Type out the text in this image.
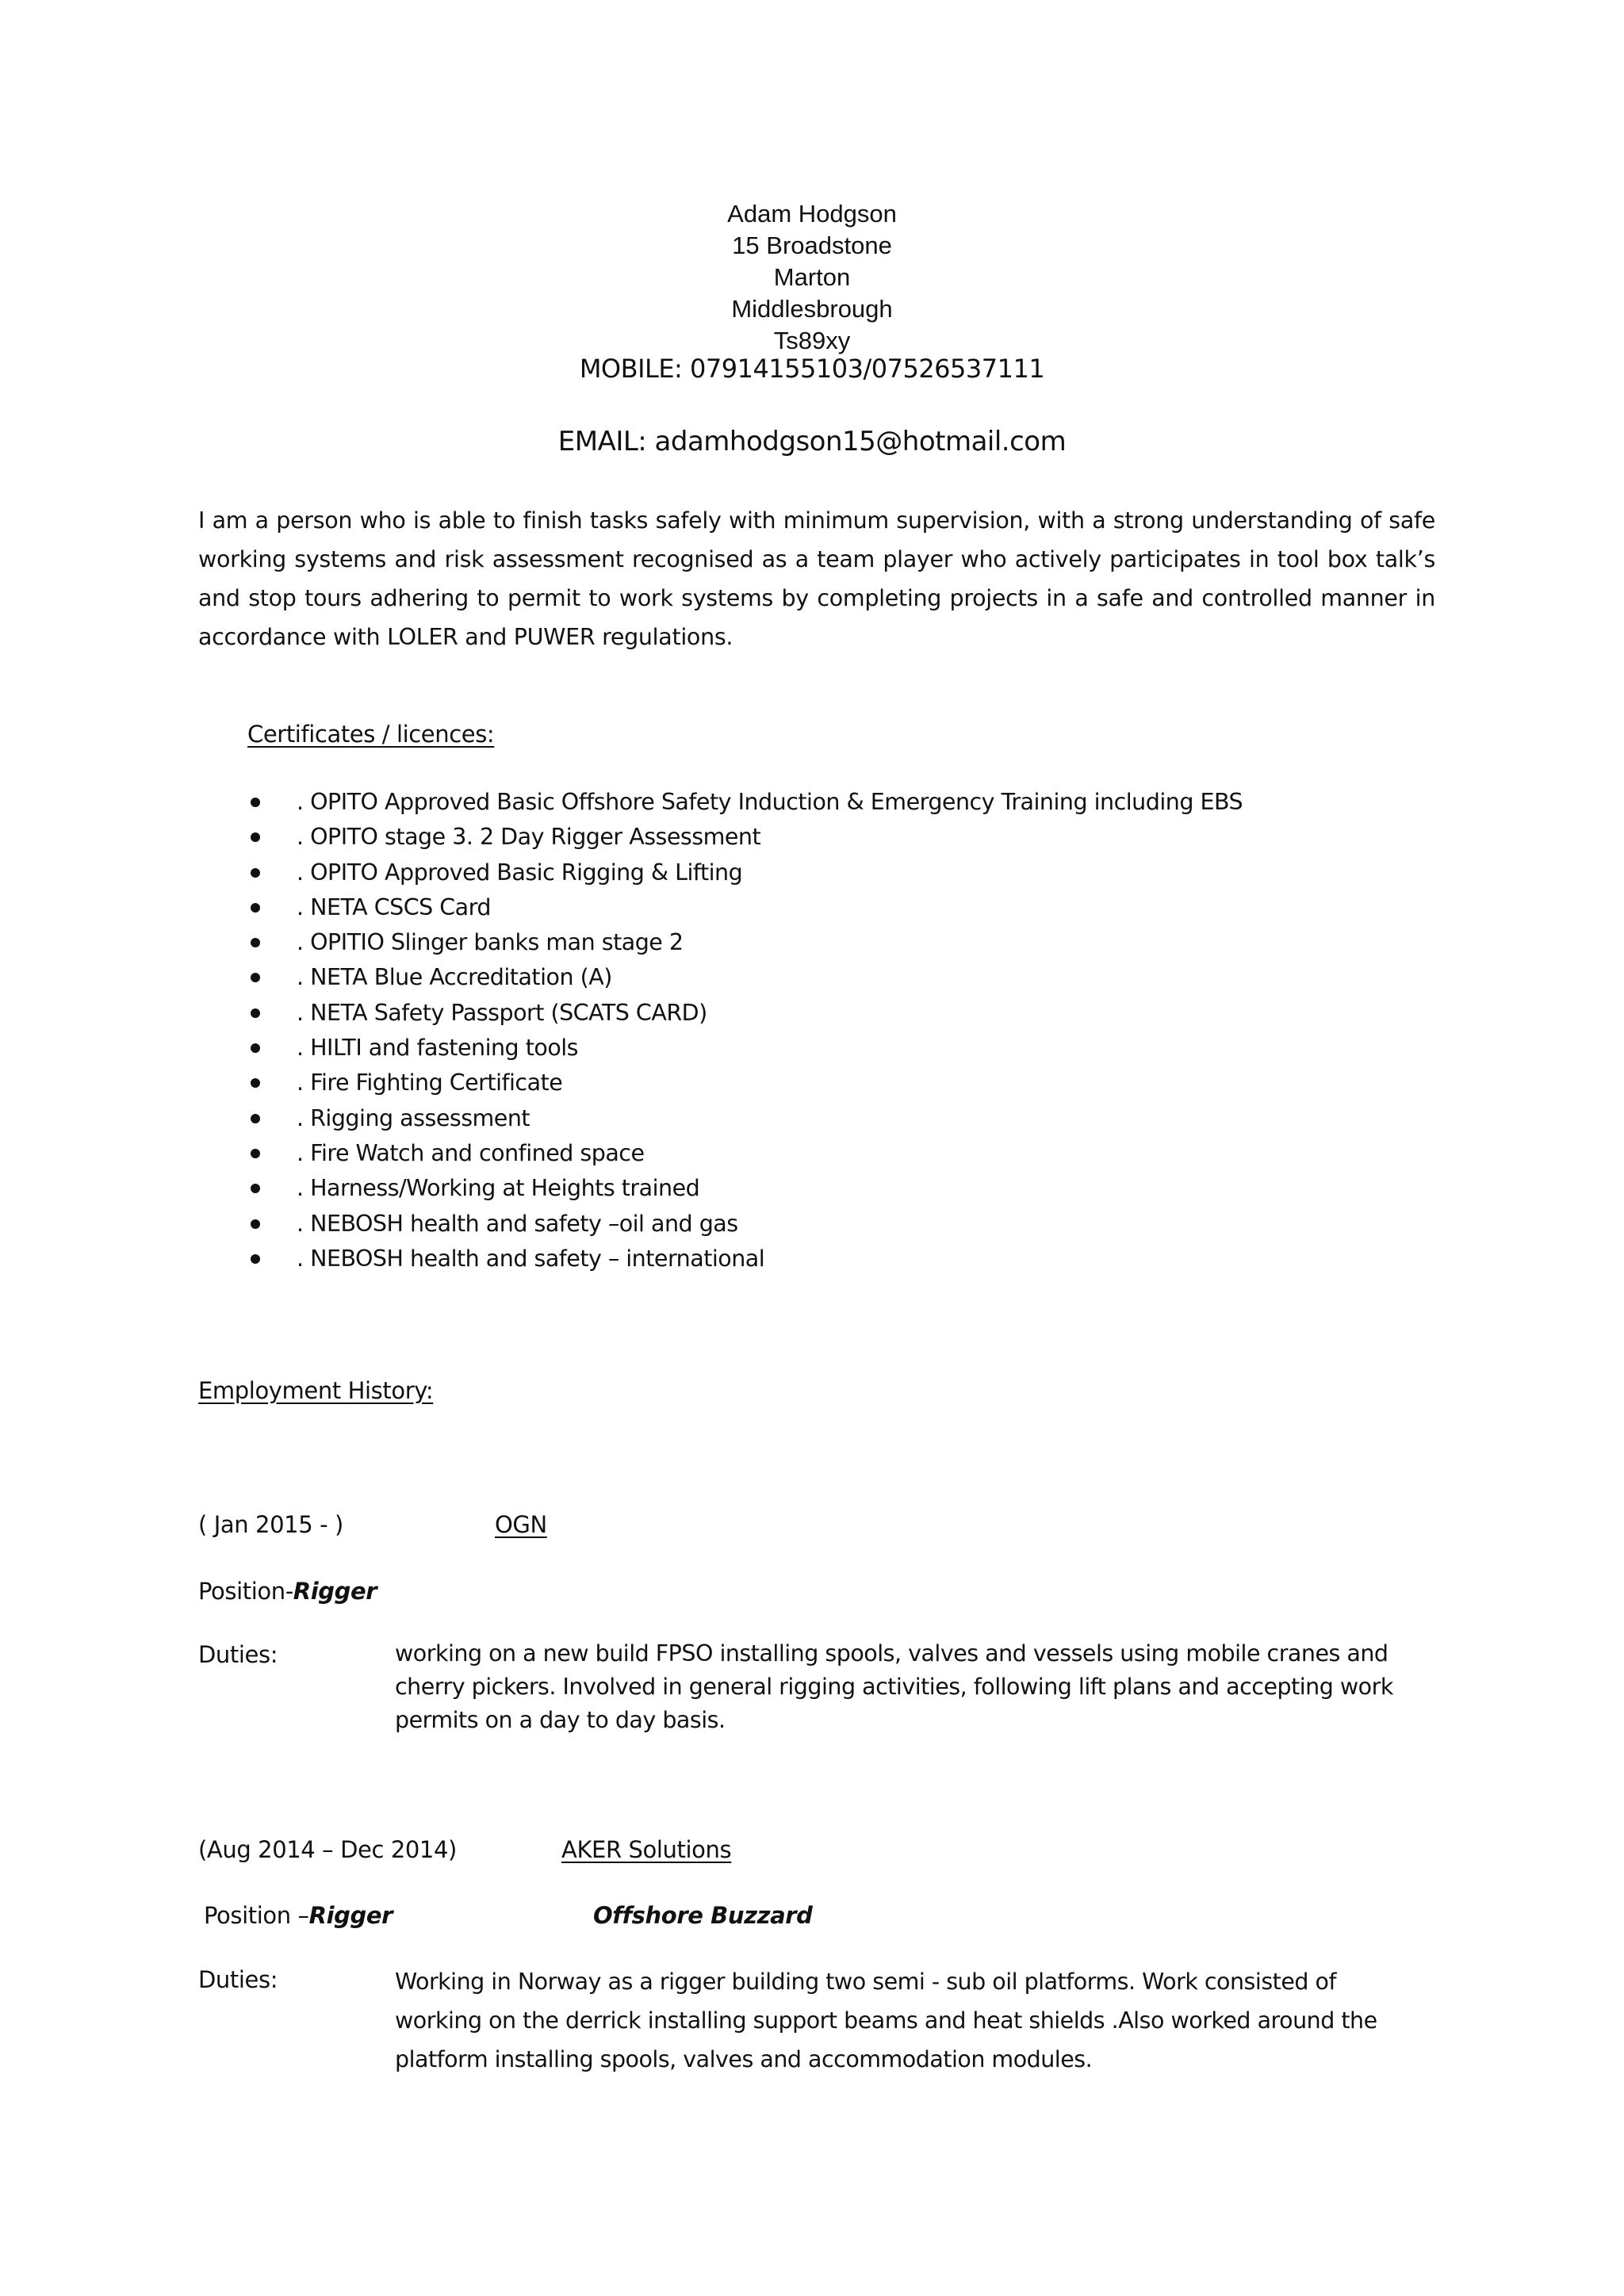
Adam Hodgson
15 Broadstone
Marton
Middlesbrough
Ts89xy
MOBILE: 07914155103/07526537111
EMAIL: adamhodgson15@hotmail.com
I am a person who is able to finish tasks safely with minimum supervision, with a strong understanding of safe working systems and risk assessment recognised as a team player who actively participates in tool box talk’s and stop tours adhering to permit to work systems by completing projects in a safe and controlled manner in accordance with LOLER and PUWER regulations.
Certificates / licences:
. OPITO Approved Basic Offshore Safety Induction & Emergency Training including EBS
. OPITO stage 3. 2 Day Rigger Assessment
. OPITO Approved Basic Rigging & Lifting
. NETA CSCS Card
. OPITIO Slinger banks man stage 2
. NETA Blue Accreditation (A)
. NETA Safety Passport (SCATS CARD)
. HILTI and fastening tools
. Fire Fighting Certificate
. Rigging assessment
. Fire Watch and confined space
. Harness/Working at Heights trained
. NEBOSH health and safety –oil and gas
. NEBOSH health and safety – international
Employment History:
( Jan 2015 - )	OGN
Position-Rigger
Duties:	working on a new build FPSO installing spools, valves and vessels using mobile cranes and
cherry pickers. Involved in general rigging activities, following lift plans and accepting work
permits on a day to day basis.
(Aug 2014 – Dec 2014)	AKER Solutions
Position –Rigger	Offshore Buzzard
Duties:	Working in Norway as a rigger building two semi - sub oil platforms. Work consisted of
working on the derrick installing support beams and heat shields .Also worked around the
platform installing spools, valves and accommodation modules.
